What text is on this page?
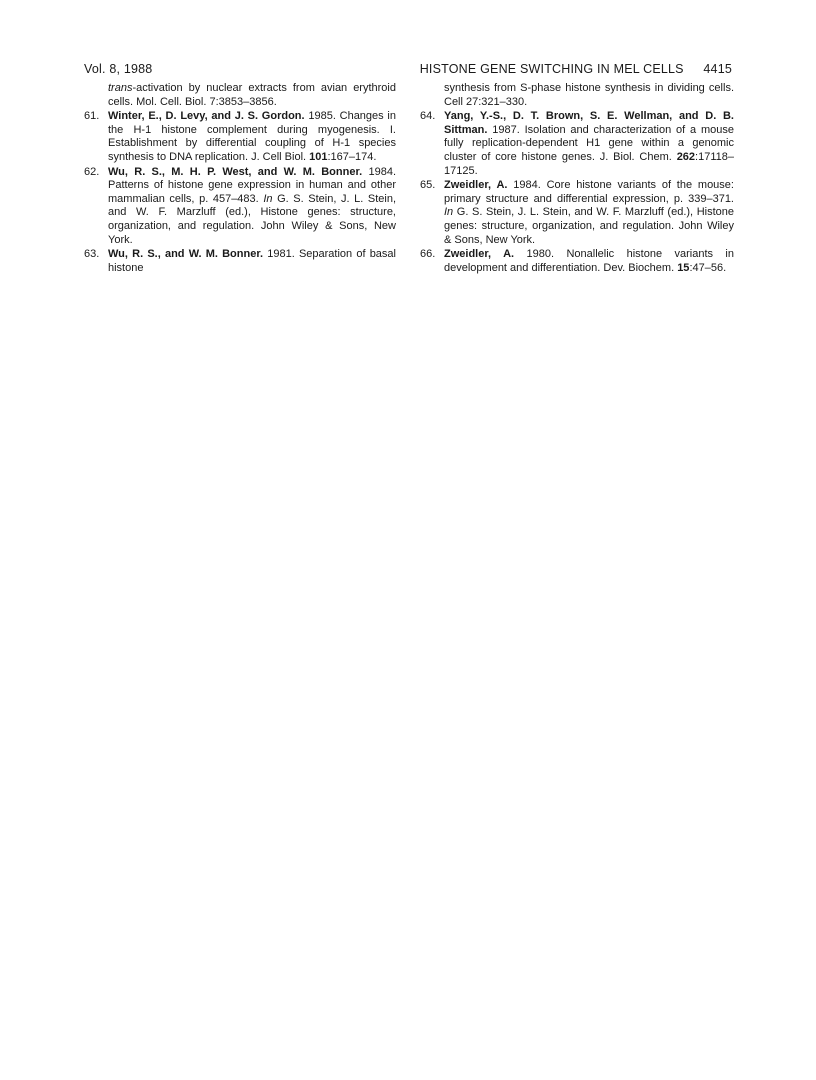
Vol. 8, 1988	HISTONE GENE SWITCHING IN MEL CELLS 4415
trans-activation by nuclear extracts from avian erythroid cells. Mol. Cell. Biol. 7:3853–3856.
61. Winter, E., D. Levy, and J. S. Gordon. 1985. Changes in the H-1 histone complement during myogenesis. I. Establishment by differential coupling of H-1 species synthesis to DNA replication. J. Cell Biol. 101:167–174.
62. Wu, R. S., M. H. P. West, and W. M. Bonner. 1984. Patterns of histone gene expression in human and other mammalian cells, p. 457–483. In G. S. Stein, J. L. Stein, and W. F. Marzluff (ed.), Histone genes: structure, organization, and regulation. John Wiley & Sons, New York.
63. Wu, R. S., and W. M. Bonner. 1981. Separation of basal histone
synthesis from S-phase histone synthesis in dividing cells. Cell 27:321–330.
64. Yang, Y.-S., D. T. Brown, S. E. Wellman, and D. B. Sittman. 1987. Isolation and characterization of a mouse fully replication-dependent H1 gene within a genomic cluster of core histone genes. J. Biol. Chem. 262:17118–17125.
65. Zweidler, A. 1984. Core histone variants of the mouse: primary structure and differential expression, p. 339–371. In G. S. Stein, J. L. Stein, and W. F. Marzluff (ed.), Histone genes: structure, organization, and regulation. John Wiley & Sons, New York.
66. Zweidler, A. 1980. Nonallelic histone variants in development and differentiation. Dev. Biochem. 15:47–56.
